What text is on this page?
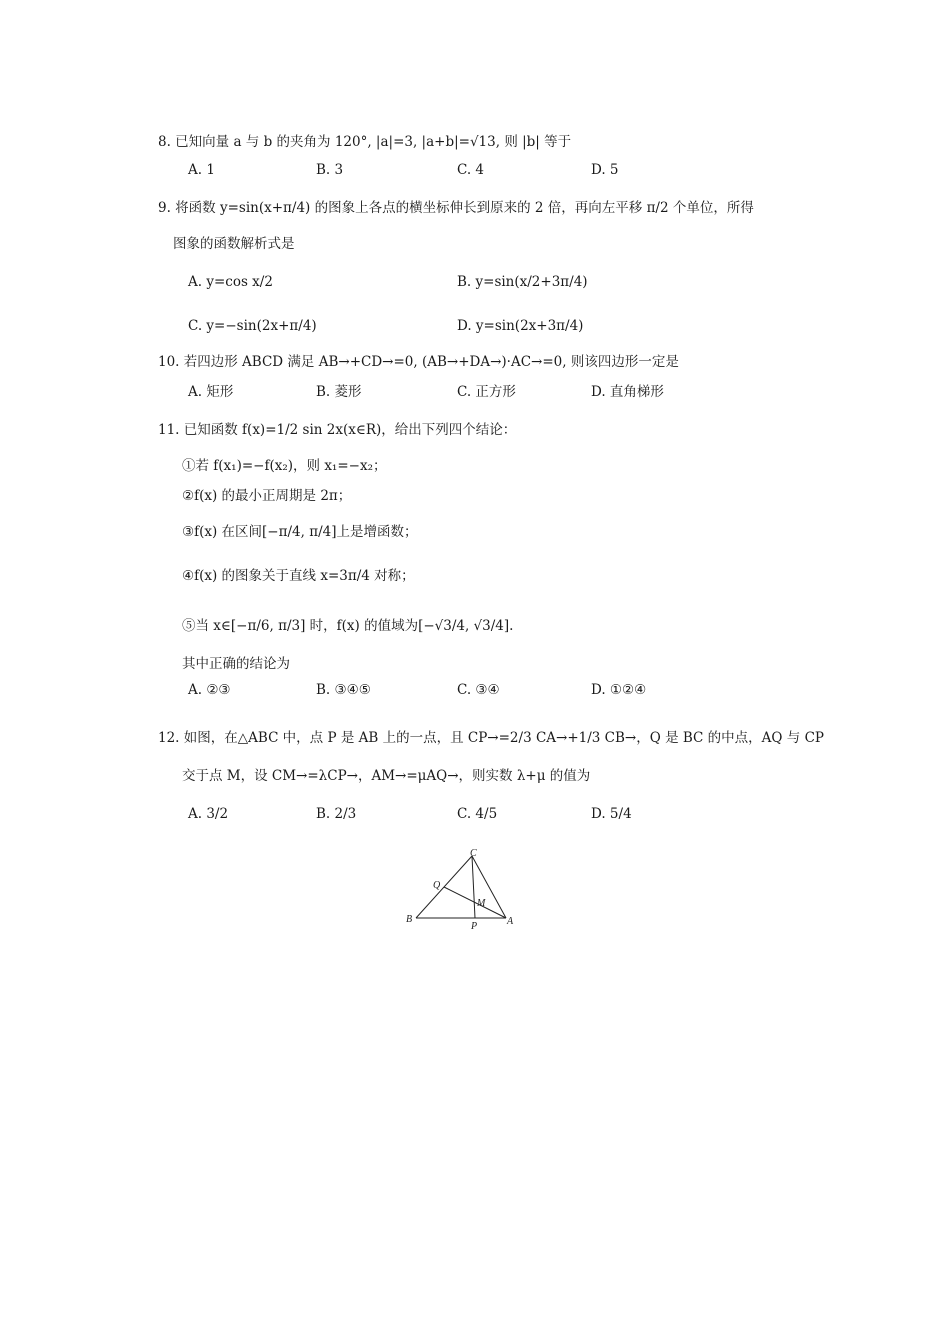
8. 已知向量 a 与 b 的夹角为 120°, |a|=3, |a+b|=√13, 则 |b| 等于
A. 1	B. 3	C. 4	D. 5
9. 将函数 y=sin(x+π/4) 的图象上各点的横坐标伸长到原来的 2 倍，再向左平移 π/2 个单位，所得
图象的函数解析式是
A. y=cos x/2	B. y=sin(x/2+3π/4)
C. y=−sin(2x+π/4)	D. y=sin(2x+3π/4)
10. 若四边形 ABCD 满足 AB→+CD→=0, (AB→+DA→)·AC→=0, 则该四边形一定是
A. 矩形	B. 菱形	C. 正方形	D. 直角梯形
11. 已知函数 f(x)=1/2 sin 2x(x∈R)，给出下列四个结论：
①若 f(x₁)=−f(x₂)，则 x₁=−x₂；
②f(x) 的最小正周期是 2π；
③f(x) 在区间[−π/4, π/4]上是增函数；
④f(x) 的图象关于直线 x=3π/4 对称；
⑤当 x∈[−π/6, π/3] 时，f(x) 的值域为[−√3/4, √3/4].
其中正确的结论为
A. ②③	B. ③④⑤	C. ③④	D. ①②④
12. 如图，在△ABC 中，点 P 是 AB 上的一点，且 CP→=2/3 CA→+1/3 CB→，Q 是 BC 的中点，AQ 与 CP
交于点 M，设 CM→=λCP→，AM→=μAQ→，则实数 λ+μ 的值为
A. 3/2	B. 2/3	C. 4/5	D. 5/4
C
Q
M
B
P	A
